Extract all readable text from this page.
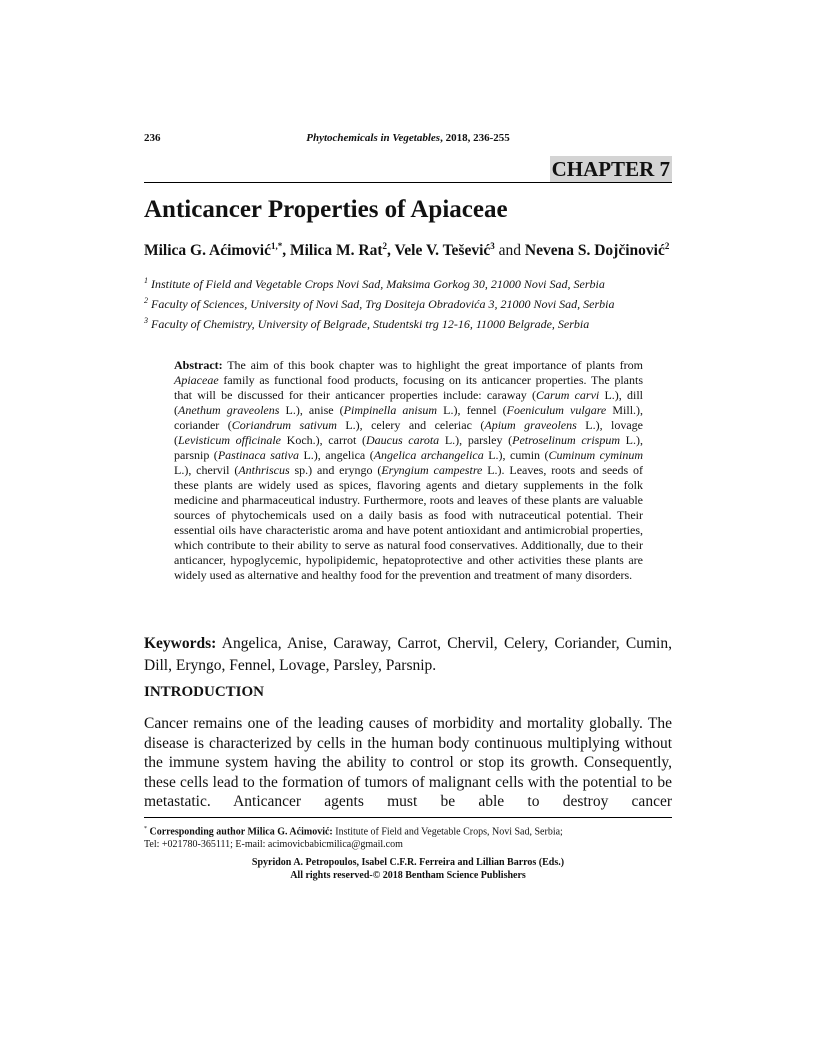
236	Phytochemicals in Vegetables, 2018, 236-255
CHAPTER 7
Anticancer Properties of Apiaceae
Milica G. Aćimović$^{1,*}$, Milica M. Rat$^2$, Vele V. Tešević$^3$ and Nevena S. Dojčinović$^2$
$^1$ Institute of Field and Vegetable Crops Novi Sad, Maksima Gorkog 30, 21000 Novi Sad, Serbia
$^2$ Faculty of Sciences, University of Novi Sad, Trg Dositeja Obradovića 3, 21000 Novi Sad, Serbia
$^3$ Faculty of Chemistry, University of Belgrade, Studentski trg 12-16, 11000 Belgrade, Serbia
Abstract: The aim of this book chapter was to highlight the great importance of plants from Apiaceae family as functional food products, focusing on its anticancer properties. The plants that will be discussed for their anticancer properties include: caraway (Carum carvi L.), dill (Anethum graveolens L.), anise (Pimpinella anisum L.), fennel (Foeniculum vulgare Mill.), coriander (Coriandrum sativum L.), celery and celeriac (Apium graveolens L.), lovage (Levisticum officinale Koch.), carrot (Daucus carota L.), parsley (Petroselinum crispum L.), parsnip (Pastinaca sativa L.), angelica (Angelica archangelica L.), cumin (Cuminum cyminum L.), chervil (Anthriscus sp.) and eryngo (Eryngium campestre L.). Leaves, roots and seeds of these plants are widely used as spices, flavoring agents and dietary supplements in the folk medicine and pharmaceutical industry. Furthermore, roots and leaves of these plants are valuable sources of phytochemicals used on a daily basis as food with nutraceutical potential. Their essential oils have characteristic aroma and have potent antioxidant and antimicrobial properties, which contribute to their ability to serve as natural food conservatives. Additionally, due to their anticancer, hypoglycemic, hypolipidemic, hepatoprotective and other activities these plants are widely used as alternative and healthy food for the prevention and treatment of many disorders.
Keywords: Angelica, Anise, Caraway, Carrot, Chervil, Celery, Coriander, Cumin, Dill, Eryngo, Fennel, Lovage, Parsley, Parsnip.
INTRODUCTION
Cancer remains one of the leading causes of morbidity and mortality globally. The disease is characterized by cells in the human body continuous multiplying without the immune system having the ability to control or stop its growth. Consequently, these cells lead to the formation of tumors of malignant cells with the potential to be metastatic. Anticancer agents must be able to destroy cancer
* Corresponding author Milica G. Aćimović: Institute of Field and Vegetable Crops, Novi Sad, Serbia;
Tel: +021780-365111; E-mail: acimovicbabicmilica@gmail.com
Spyridon A. Petropoulos, Isabel C.F.R. Ferreira and Lillian Barros (Eds.)
All rights reserved-© 2018 Bentham Science Publishers
